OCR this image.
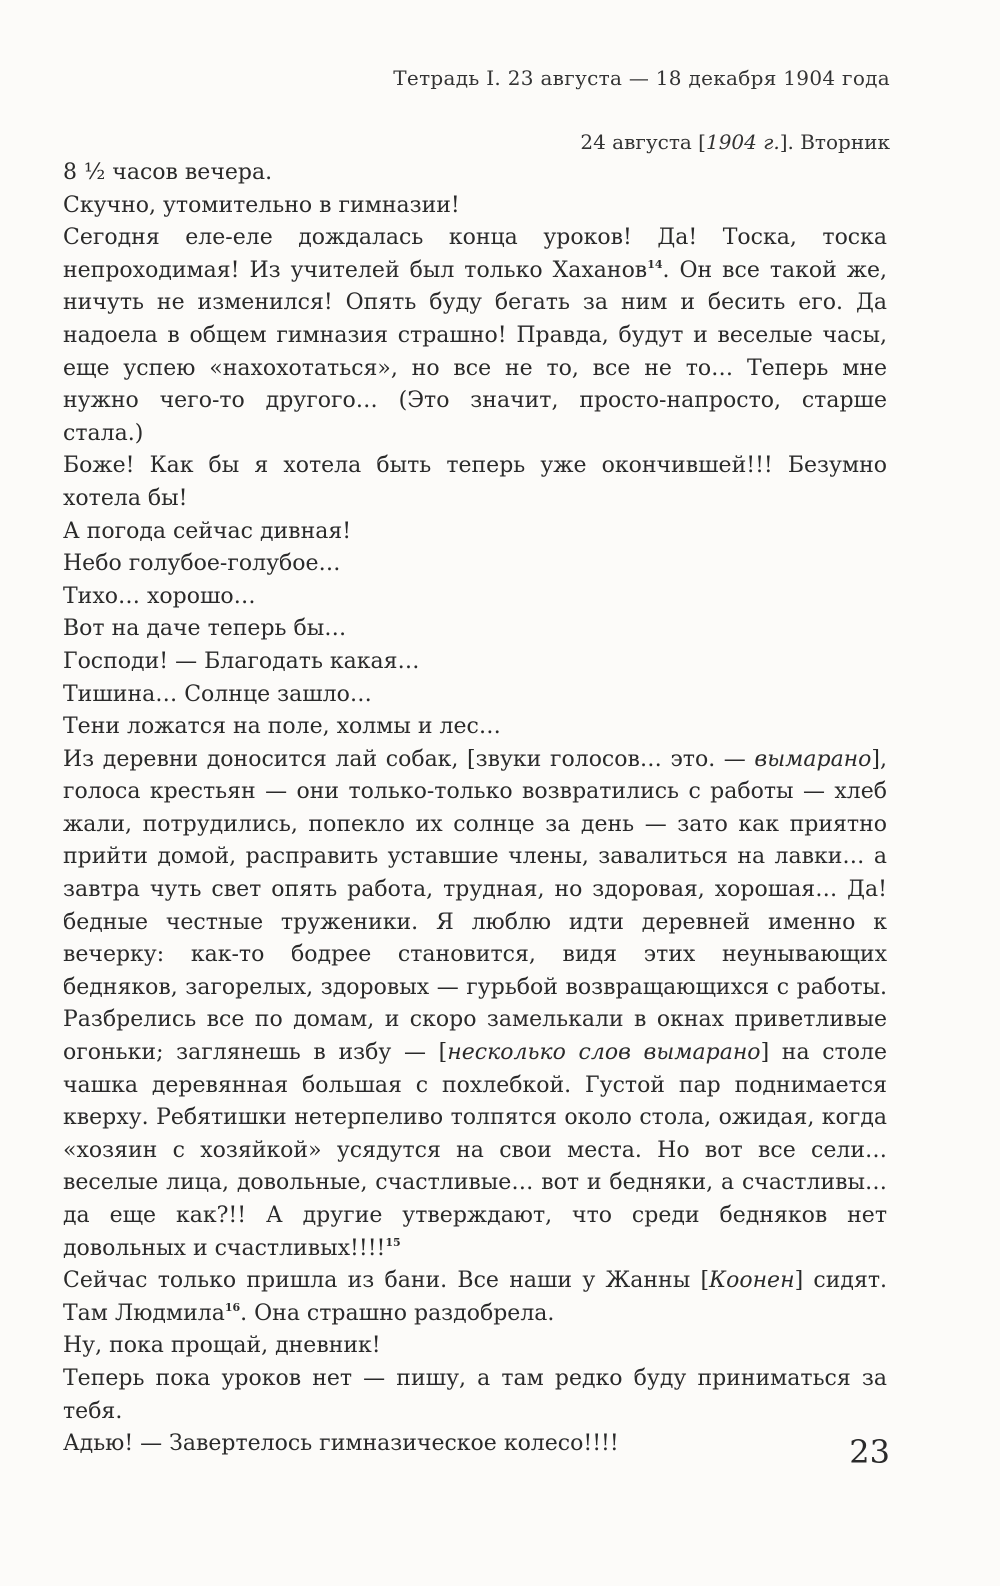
Тетрадь I. 23 августа — 18 декабря 1904 года
24 августа [1904 г.]. Вторник

8 ½ часов вечера.

Скучно, утомительно в гимназии!

Сегодня еле-еле дождалась конца уроков! Да! Тоска, тоска непроходимая! Из учителей был только Хаханов$^{14}$. Он все такой же, ничуть не изменился! Опять буду бегать за ним и бесить его. Да надоела в общем гимназия страшно! Правда, будут и веселые часы, еще успею «нахохотаться», но все не то, все не то… Теперь мне нужно чего-то другого… (Это значит, просто-напросто, старше стала.)

Боже! Как бы я хотела быть теперь уже окончившей!!! Безумно хотела бы!

А погода сейчас дивная!

Небо голубое-голубое…

Тихо… хорошо…

Вот на даче теперь бы…

Господи! — Благодать какая…

Тишина… Солнце зашло…

Тени ложатся на поле, холмы и лес…

Из деревни доносится лай собак, [звуки голосов… это. — вымарано], голоса крестьян — они только-только возвратились с работы — хлеб жали, потрудились, попекло их солнце за день — зато как приятно прийти домой, расправить уставшие члены, завалиться на лавки… а завтра чуть свет опять работа, трудная, но здоровая, хорошая… Да! бедные честные труженики. Я люблю идти деревней именно к вечерку: как-то бодрее становится, видя этих неунывающих бедняков, загорелых, здоровых — гурьбой возвращающихся с работы. Разбрелись все по домам, и скоро замелькали в окнах приветливые огоньки; заглянешь в избу — [несколько слов вымарано] на столе чашка деревянная большая с похлебкой. Густой пар поднимается кверху. Ребятишки нетерпеливо толпятся около стола, ожидая, когда «хозяин с хозяйкой» усядутся на свои места. Но вот все сели… веселые лица, довольные, счастливые… вот и бедняки, а счастливы… да еще как?!! А другие утверждают, что среди бедняков нет довольных и счастливых!!!!$^{15}$

Сейчас только пришла из бани. Все наши у Жанны [Коонен] сидят. Там Людмила$^{16}$. Она страшно раздобрела.

Ну, пока прощай, дневник!

Теперь пока уроков нет — пишу, а там редко буду приниматься за тебя.

Адью! — Завертелось гимназическое колесо!!!!	23
